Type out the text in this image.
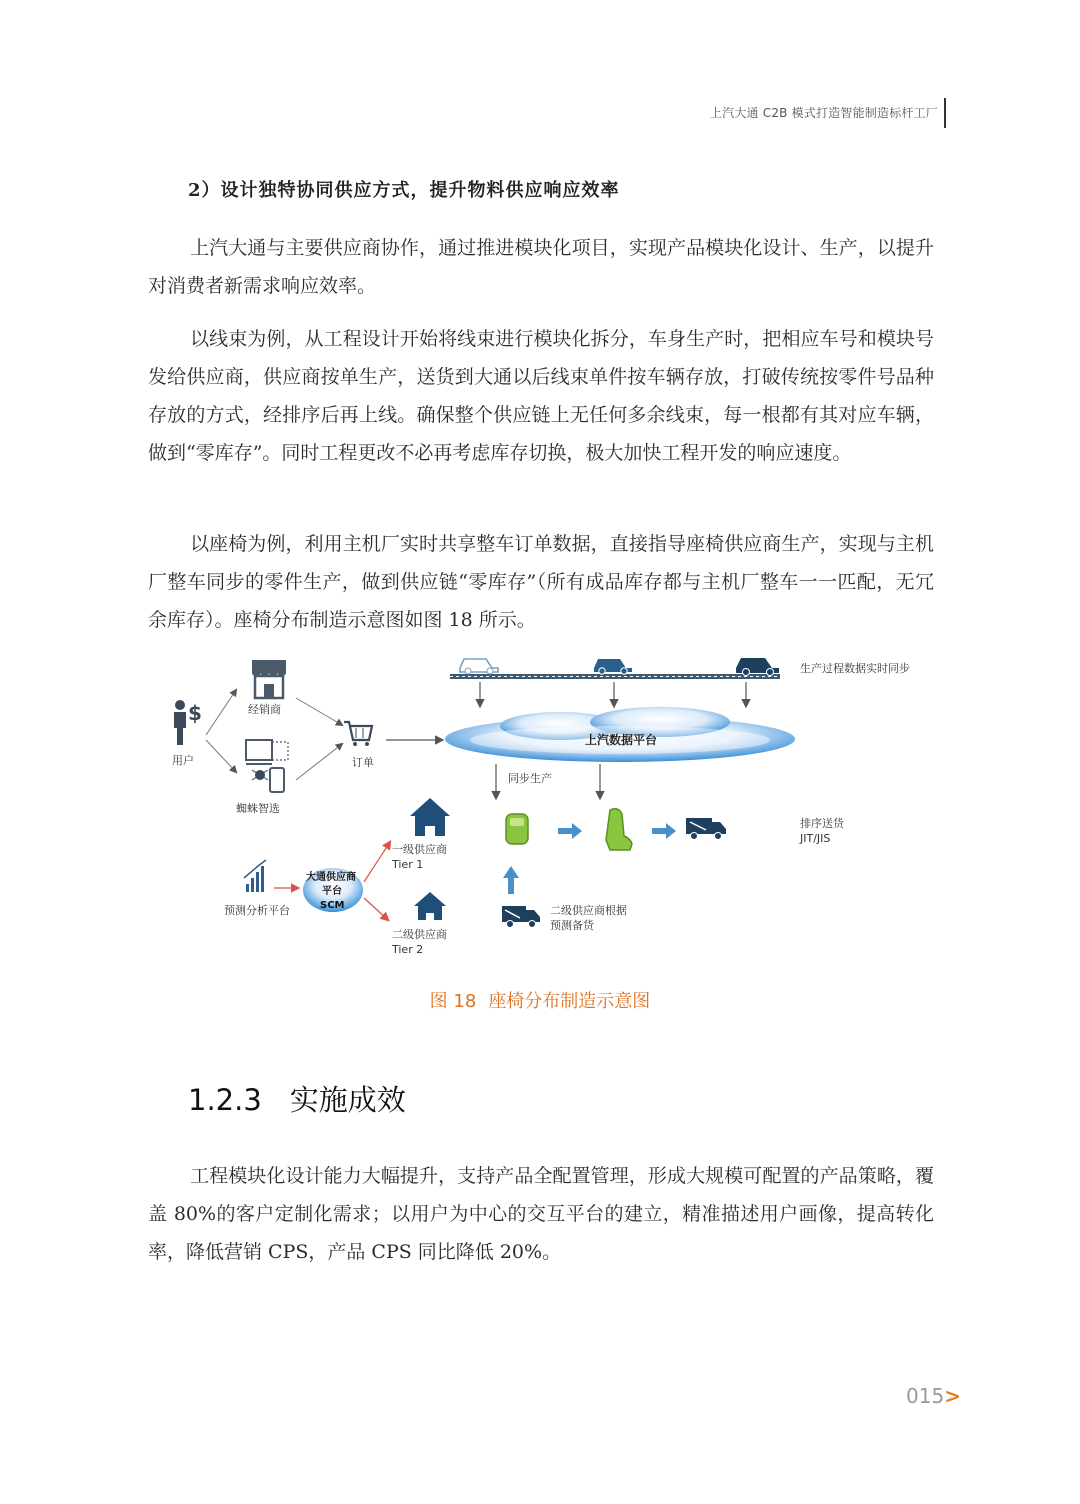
上汽大通 C2B 模式打造智能制造标杆工厂
2）设计独特协同供应方式，提升物料供应响应效率
上汽大通与主要供应商协作，通过推进模块化项目，实现产品模块化设计、生产，以提升对消费者新需求响应效率。
以线束为例，从工程设计开始将线束进行模块化拆分，车身生产时，把相应车号和模块号发给供应商，供应商按单生产，送货到大通以后线束单件按车辆存放，打破传统按零件号品种存放的方式，经排序后再上线。确保整个供应链上无任何多余线束，每一根都有其对应车辆，做到“零库存”。同时工程更改不必再考虑库存切换，极大加快工程开发的响应速度。
以座椅为例，利用主机厂实时共享整车订单数据，直接指导座椅供应商生产，实现与主机厂整车同步的零件生产，做到供应链“零库存”（所有成品库存都与主机厂整车一一匹配，无冗余库存）。座椅分布制造示意图如图 18 所示。
生产过程数据实时同步
上汽数据平台
经销商
$
用户
蜘蛛智选
订单
同步生产
排序送货
JIT/JIS
二级供应商根据
预测备货
预测分析平台
大通供应商
平台
SCM
一级供应商
Tier 1
二级供应商
Tier 2
图 18 座椅分布制造示意图
1.2.3 实施成效
工程模块化设计能力大幅提升，支持产品全配置管理，形成大规模可配置的产品策略，覆盖 80%的客户定制化需求；以用户为中心的交互平台的建立，精准描述用户画像，提高转化率，降低营销 CPS，产品 CPS 同比降低 20%。
015>
